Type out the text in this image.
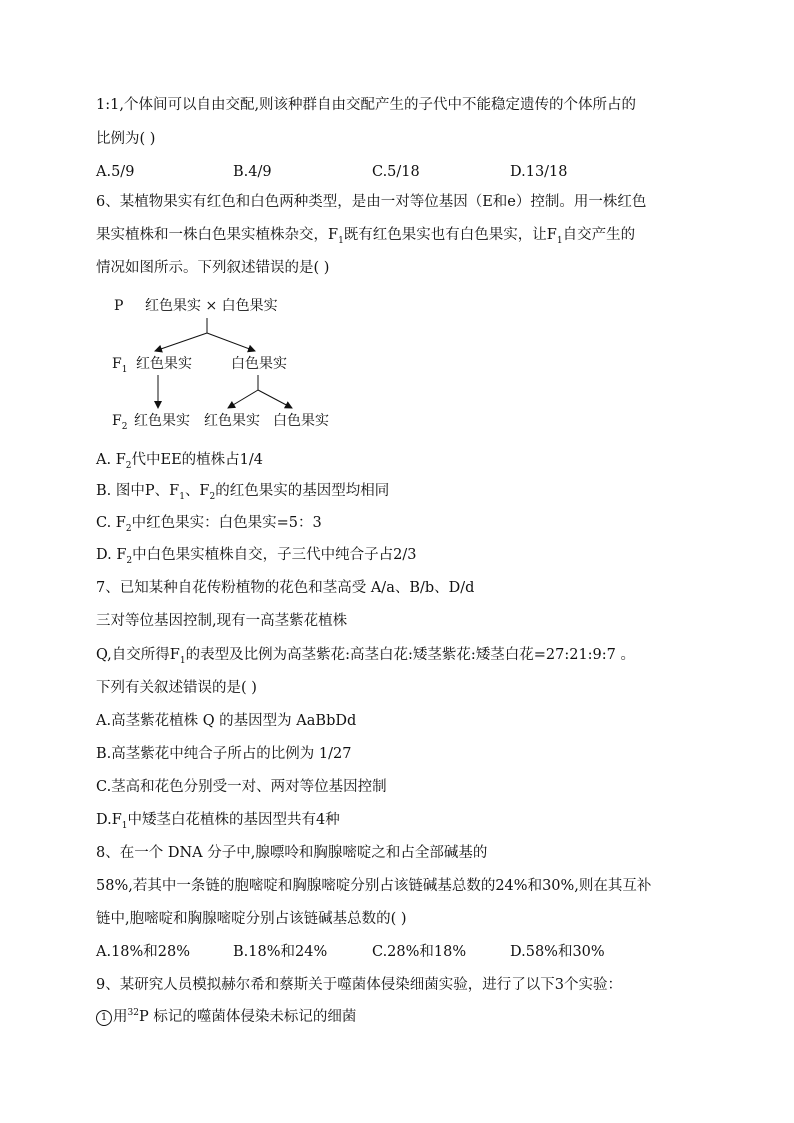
1:1,个体间可以自由交配,则该种群自由交配产生的子代中不能稳定遗传的个体所占的
比例为( )
A.5/9	B.4/9	C.5/18	D.13/18
6、某植物果实有红色和白色两种类型，是由一对等位基因（E和e）控制。用一株红色
果实植株和一株白色果实植株杂交，$F_1$既有红色果实也有白色果实，让$F_1$自交产生的
情况如图所示。下列叙述错误的是( )
P 红色果实 × 白色果实
$F_1$ 红色果实	白色果实
$F_2$ 红色果实 红色果实 白色果实
A. $F_2$代中EE的植株占1/4
B. 图中P、$F_1$、$F_2$的红色果实的基因型均相同
C. $F_2$中红色果实：白色果实=5：3
D. $F_2$中白色果实植株自交，子三代中纯合子占2/3
7、已知某种自花传粉植物的花色和茎高受 A/a、B/b、D/d
三对等位基因控制,现有一高茎紫花植株
Q,自交所得$F_1$的表型及比例为高茎紫花:高茎白花:矮茎紫花:矮茎白花=27:21:9:7 。
下列有关叙述错误的是( )
A.高茎紫花植株 Q 的基因型为 AaBbDd
B.高茎紫花中纯合子所占的比例为 1/27
C.茎高和花色分别受一对、两对等位基因控制
$D.F_1$中矮茎白花植株的基因型共有4种
8、在一个 DNA 分子中,腺嘌呤和胸腺嘧啶之和占全部碱基的
58%,若其中一条链的胞嘧啶和胸腺嘧啶分别占该链碱基总数的24%和30%,则在其互补
链中,胞嘧啶和胸腺嘧啶分别占该链碱基总数的( )
A.18%和28%	B.18%和24%	C.28%和18%	D.58%和30%
9、某研究人员模拟赫尔希和蔡斯关于噬菌体侵染细菌实验，进行了以下3个实验：
1 用$^{32}$P 标记的噬菌体侵染未标记的细菌
